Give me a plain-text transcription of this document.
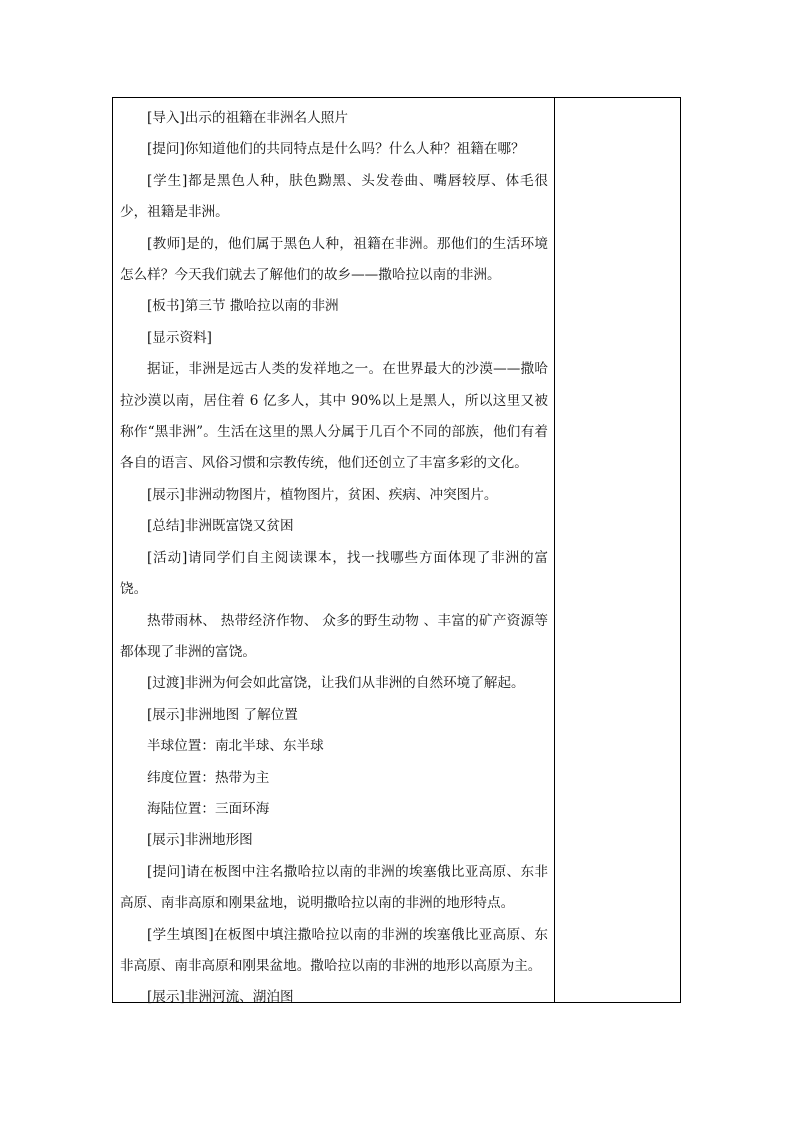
[导入]出示的祖籍在非洲名人照片

[提问]你知道他们的共同特点是什么吗？什么人种？祖籍在哪？

[学生]都是黑色人种，肤色黝黑、头发卷曲、嘴唇较厚、体毛很少，祖籍是非洲。

[教师]是的，他们属于黑色人种，祖籍在非洲。那他们的生活环境怎么样？今天我们就去了解他们的故乡——撒哈拉以南的非洲。

[板书]第三节 撒哈拉以南的非洲

[显示资料]

据证，非洲是远古人类的发祥地之一。在世界最大的沙漠——撒哈拉沙漠以南，居住着 6 亿多人，其中 90%以上是黑人，所以这里又被称作“黑非洲”。生活在这里的黑人分属于几百个不同的部族，他们有着各自的语言、风俗习惯和宗教传统，他们还创立了丰富多彩的文化。

[展示]非洲动物图片，植物图片，贫困、疾病、冲突图片。

[总结]非洲既富饶又贫困

[活动]请同学们自主阅读课本，找一找哪些方面体现了非洲的富饶。

热带雨林、 热带经济作物、 众多的野生动物 、丰富的矿产资源等都体现了非洲的富饶。

[过渡]非洲为何会如此富饶，让我们从非洲的自然环境了解起。

[展示]非洲地图 了解位置

半球位置：南北半球、东半球

纬度位置：热带为主

海陆位置：三面环海

[展示]非洲地形图

[提问]请在板图中注名撒哈拉以南的非洲的埃塞俄比亚高原、东非高原、南非高原和刚果盆地，说明撒哈拉以南的非洲的地形特点。

[学生填图]在板图中填注撒哈拉以南的非洲的埃塞俄比亚高原、东非高原、南非高原和刚果盆地。撒哈拉以南的非洲的地形以高原为主。

[展示]非洲河流、湖泊图
